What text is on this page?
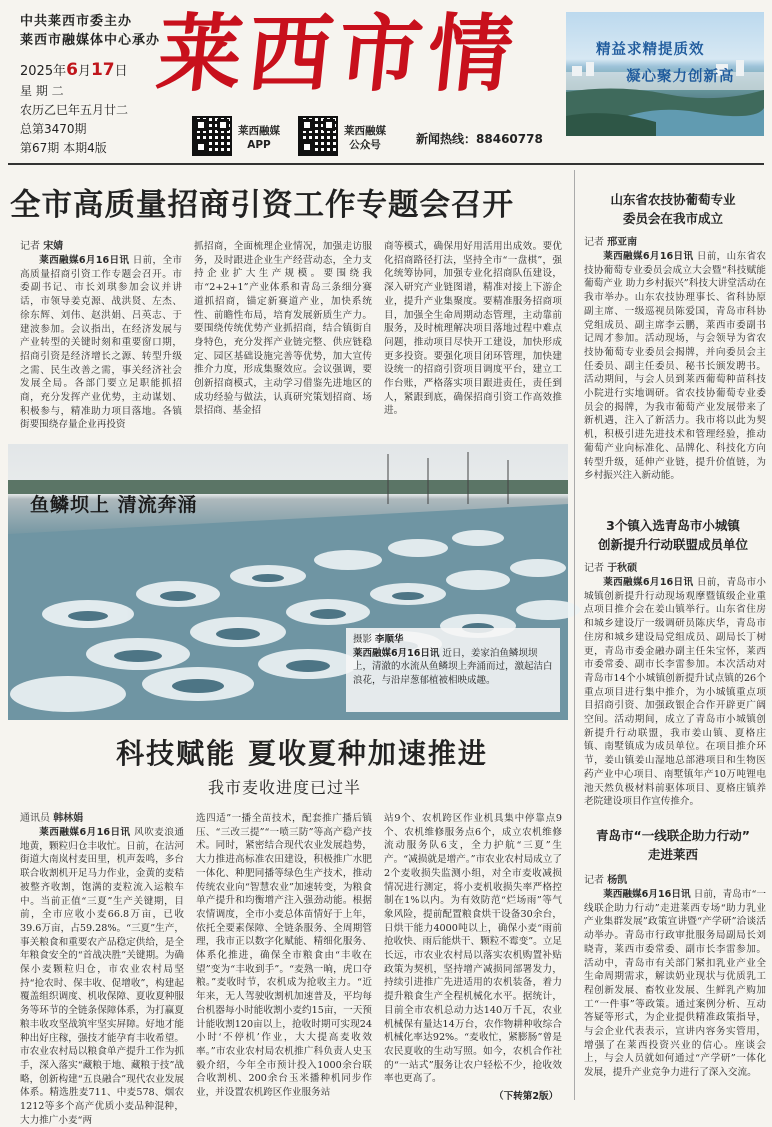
中共莱西市委主办
莱西市融媒体中心承办
2025年6月17日
星 期 二
农历乙巳年五月廿二
总第3470期
第67期 本期4版
莱西市情
莱西融媒
APP
莱西融媒
公众号	新闻热线：88460778
精益求精提质效
凝心聚力创新高
全市高质量招商引资工作专题会召开
记者 宋婧

莱西融媒6月16日讯 日前，全市高质量招商引资工作专题会召开。市委副书记、市长刘琪参加会议并讲话，市领导姜克源、战洪贤、左杰、徐东辉、刘伟、赵洪娟、吕英志、于建波参加。会议指出，在经济发展与产业转型的关键时刻和重要窗口期，招商引资是经济增长之源、转型升级之需、民生改善之需，事关经济社会发展全局。各部门要立足职能抓招商，充分发挥产业优势，主动谋划、积极参与，精准助力项目落地。各镇街要围绕存量企业再投资

抓招商，全面梳理企业情况，加强走访服务，及时跟进企业生产经营动态，全力支持企业扩大生产规模。要围绕我市“2+2+1”产业体系和青岛三条细分赛道抓招商，锚定新赛道产业，加快系统性、前瞻性布局，培育发展新质生产力。要围绕传统优势产业抓招商，结合镇街自身特色，充分发挥产业链完整、供应链稳定、园区基础设施完善等优势，加大宣传推介力度，形成集聚效应。会议强调，要创新招商模式，主动学习借鉴先进地区的成功经验与做法，认真研究策划招商、场景招商、基金招
商等模式，确保用好用活用出成效。要优化招商路径打法，坚持全市“一盘棋”，强化统筹协同，加强专业化招商队伍建设，深入研究产业链图谱，精准对接上下游企业，提升产业集聚度。要精准服务招商项目，加强全生命周期动态管理，主动靠前服务，及时梳理解决项目落地过程中难点问题，推动项目尽快开工建设，加快形成更多投资。要强化项目闭环管理，加快建设统一的招商引资项目调度平台，建立工作台账，严格落实项目跟进责任，责任到人，紧跟到底，确保招商引资工作高效推进。
鱼鳞坝上 清流奔涌
摄影 李顺华
莱西融媒6月16日讯 近日，姜家泊鱼鳞坝坝上，清澈的水流从鱼鳞坝上奔涌而过，激起洁白浪花，与沿岸葱郁植被相映成趣。
科技赋能 夏收夏种加速推进
我市麦收进度已过半
通讯员 韩林娟

莱西融媒6月16日讯 风吹麦浪通地黄，颗粒归仓丰收忙。日前，在沽河街道大南岚村麦田里，机声轰鸣，多台联合收割机开足马力作业，金黄的麦秸被整齐收割，饱满的麦粒流入运粮车中。当前正值“三夏”生产关键期，目前，全市应收小麦66.8万亩，已收39.6万亩，占59.28%。“三夏”生产，事关粮食和重要农产品稳定供给，是全年粮食安全的“首战决胜”关键期。为确保小麦颗粒归仓，市农业农村局坚持“抢农时、保丰收、促增收”，构建起覆盖组织调度、机收保障、夏收夏种服务等环节的全链条保障体系，为打赢夏粮丰收攻坚战筑牢坚实屏障。好地才能种出好庄稼，强技才能孕育丰收希望。市农业农村局以粮食单产提升工作为抓手，深入落实“藏粮于地、藏粮于技”战略，创新构建“五良融合”现代农业发展体系。精选胜麦711、中麦578、烟农1212等多个高产优质小麦品种混种，大力推广小麦“两

选四适”一播全苗技术，配套推广播后镇压、“三改三提”“一喷三防”等高产稳产技术。同时，紧密结合现代农业发展趋势，大力推进高标准农田建设，积极推广水肥一体化、种肥同播等绿色生产技术，推动传统农业向“智慧农业”加速转变，为粮食单产提升和均衡增产注入强劲动能。根据农情调度，全市小麦总体苗情好于上年，依托全要素保障、全链条服务、全周期管理，我市正以数字化赋能、精细化服务、体系化推进，确保全市粮食由“丰收在望”变为“丰收到手”。“麦熟一晌，虎口夺粮。”麦收时节，农机成为抢收主力。“近年来，无人驾驶收割机加速普及，平均每台机器每小时能收割小麦约15亩，一天预计能收割120亩以上，抢收时期可实现24小时‘不停机’作业，大大提高麦收效率。”市农业农村局农机推广科负责人史玉毅介绍，今年全市预计投入1000余台联合收割机、200余台玉米播种机同步作业，并设置农机跨区作业服务站
站9个、农机跨区作业机具集中停靠点9个、农机维修服务点6个，成立农机维修流动服务队6支，全力护航“三夏”生产。“减损就是增产。”市农业农村局成立了2个麦收损失监测小组，对全市麦收减损情况进行测定，将小麦机收损失率严格控制在1%以内。为有效防范“烂场雨”等气象风险，提前配置粮食烘干设备30余台，日烘干能力4000吨以上，确保小麦“雨前抢收快、雨后能烘干、颗粒不霉变”。立足长远，市农业农村局以落实农机购置补贴政策为契机，坚持增产减损同部署发力，持续引进推广先进适用的农机装备，着力提升粮食生产全程机械化水平。据统计，目前全市农机总动力达140万千瓦，农业机械保有量达14万台，农作物耕种收综合机械化率达92%。“麦收忙，紧膨肠”曾是农民夏收的生动写照。如今，农机合作社的“一站式”服务让农户轻松不少，抢收效率也更高了。
（下转第2版）
山东省农技协葡萄专业
委员会在我市成立
记者 邢亚南

莱西融媒6月16日讯 日前，山东省农技协葡萄专业委员会成立大会暨“科技赋能葡萄产业 助力乡村振兴”科技大讲堂活动在我市举办。山东农技协理事长、省科协原副主席、一级巡视员陈爱国，青岛市科协党组成员、副主席李云鹏，莱西市委副书记周才参加。活动现场，与会领导为省农技协葡萄专业委员会揭牌，并向委员会主任委员、副主任委员、秘书长颁发聘书。活动期间，与会人员到莱西葡萄种苗科技小院进行实地调研。省农技协葡萄专业委员会的揭牌，为我市葡萄产业发展带来了新机遇，注入了新活力。我市将以此为契机，积极引进先进技术和管理经验，推动葡萄产业向标准化、品牌化、科技化方向转型升级，延伸产业链，提升价值链，为乡村振兴注入新动能。

3个镇入选青岛市小城镇
创新提升行动联盟成员单位
记者 于秋硕

莱西融媒6月16日讯 日前，青岛市小城镇创新提升行动现场观摩暨镇级企业重点项目推介会在姜山镇举行。山东省住房和城乡建设厅一级调研员陈庆华，青岛市住房和城乡建设局党组成员、副局长丁树更，青岛市委金融办副主任朱宝怀，莱西市委常委、副市长李雷参加。本次活动对青岛市14个小城镇创新提升试点镇的26个重点项目进行集中推介，为小城镇重点项目招商引资、加强政银企合作开辟更广阔空间。活动期间，成立了青岛市小城镇创新提升行动联盟，我市姜山镇、夏格庄镇、南墅镇成为成员单位。在项目推介环节，姜山镇姜山湿地总部港项目和生物医药产业中心项目、南墅镇年产10万吨锂电池天然负极材料前驱体项目、夏格庄镇养老院建设项目作宣传推介。

青岛市“一线联企助力行动”
走进莱西
记者 杨凯

莱西融媒6月16日讯 日前，青岛市“一线联企助力行动”走进莱西专场“助力乳业产业集群发展”政策宣讲暨“产学研”洽谈活动举办。青岛市行政审批服务局副局长刘晓青，莱西市委常委、副市长李雷参加。活动中，青岛市有关部门紧扣乳业产业全生命周期需求，解读奶业现状与优质乳工程创新发展、畜牧业发展、生鲜乳产购加工“一件事”等政策。通过案例分析、互动答疑等形式，为企业提供精准政策指导，与会企业代表表示，宣讲内容务实管用，增强了在莱西投资兴业的信心。座谈会上，与会人员就如何通过“产学研”一体化发展，提升产业竞争力进行了深入交流。
